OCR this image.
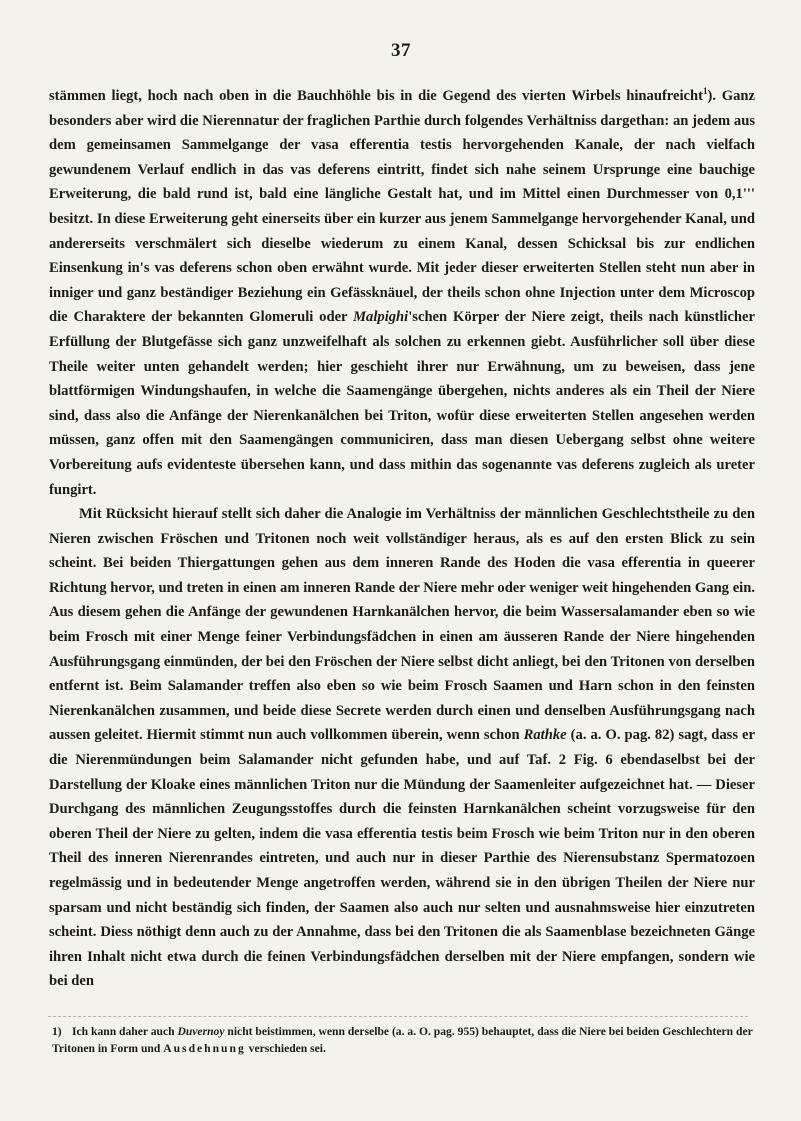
37

stämmen liegt, hoch nach oben in die Bauchhöhle bis in die Gegend des vierten Wirbels hinaufreicht$^1$). Ganz besonders aber wird die Nierennatur der fraglichen Parthie durch folgendes Verhältniss dargethan: an jedem aus dem gemeinsamen Sammelgange der vasa efferentia testis hervorgehenden Kanale, der nach vielfach gewundenem Verlauf endlich in das vas deferens eintritt, findet sich nahe seinem Ursprunge eine bauchige Erweiterung, die bald rund ist, bald eine längliche Gestalt hat, und im Mittel einen Durchmesser von 0,1''' besitzt. In diese Erweiterung geht einerseits über ein kurzer aus jenem Sammelgange hervorgehender Kanal, und andererseits verschmälert sich dieselbe wiederum zu einem Kanal, dessen Schicksal bis zur endlichen Einsenkung in's vas deferens schon oben erwähnt wurde. Mit jeder dieser erweiterten Stellen steht nun aber in inniger und ganz beständiger Beziehung ein Gefässknäuel, der theils schon ohne Injection unter dem Microscop die Charaktere der bekannten Glomeruli oder Malpighi'schen Körper der Niere zeigt, theils nach künstlicher Erfüllung der Blutgefässe sich ganz unzweifelhaft als solchen zu erkennen giebt. Ausführlicher soll über diese Theile weiter unten gehandelt werden; hier geschieht ihrer nur Erwähnung, um zu beweisen, dass jene blattförmigen Windungshaufen, in welche die Saamengänge übergehen, nichts anderes als ein Theil der Niere sind, dass also die Anfänge der Nierenkanälchen bei Triton, wofür diese erweiterten Stellen angesehen werden müssen, ganz offen mit den Saamengängen communiciren, dass man diesen Uebergang selbst ohne weitere Vorbereitung aufs evidenteste übersehen kann, und dass mithin das sogenannte vas deferens zugleich als ureter fungirt.

Mit Rücksicht hierauf stellt sich daher die Analogie im Verhältniss der männlichen Geschlechtstheile zu den Nieren zwischen Fröschen und Tritonen noch weit vollständiger heraus, als es auf den ersten Blick zu sein scheint. Bei beiden Thiergattungen gehen aus dem inneren Rande des Hoden die vasa efferentia in queerer Richtung hervor, und treten in einen am inneren Rande der Niere mehr oder weniger weit hingehenden Gang ein. Aus diesem gehen die Anfänge der gewundenen Harnkanälchen hervor, die beim Wassersalamander eben so wie beim Frosch mit einer Menge feiner Verbindungsfädchen in einen am äusseren Rande der Niere hingehenden Ausführungsgang einmünden, der bei den Fröschen der Niere selbst dicht anliegt, bei den Tritonen von derselben entfernt ist. Beim Salamander treffen also eben so wie beim Frosch Saamen und Harn schon in den feinsten Nierenkanälchen zusammen, und beide diese Secrete werden durch einen und denselben Ausführungsgang nach aussen geleitet. Hiermit stimmt nun auch vollkommen überein, wenn schon Rathke (a. a. O. pag. 82) sagt, dass er die Nierenmündungen beim Salamander nicht gefunden habe, und auf Taf. 2 Fig. 6 ebendaselbst bei der Darstellung der Kloake eines männlichen Triton nur die Mündung der Saamenleiter aufgezeichnet hat. — Dieser Durchgang des männlichen Zeugungsstoffes durch die feinsten Harnkanälchen scheint vorzugsweise für den oberen Theil der Niere zu gelten, indem die vasa efferentia testis beim Frosch wie beim Triton nur in den oberen Theil des inneren Nierenrandes eintreten, und auch nur in dieser Parthie des Nierensubstanz Spermatozoen regelmässig und in bedeutender Menge angetroffen werden, während sie in den übrigen Theilen der Niere nur sparsam und nicht beständig sich finden, der Saamen also auch nur selten und ausnahmsweise hier einzutreten scheint. Diess nöthigt denn auch zu der Annahme, dass bei den Tritonen die als Saamenblase bezeichneten Gänge ihren Inhalt nicht etwa durch die feinen Verbindungsfädchen derselben mit der Niere empfangen, sondern wie bei den

1) Ich kann daher auch Duvernoy nicht beistimmen, wenn derselbe (a. a. O. pag. 955) behauptet, dass die Niere bei beiden Geschlechtern der Tritonen in Form und Ausdehnung verschieden sei.
